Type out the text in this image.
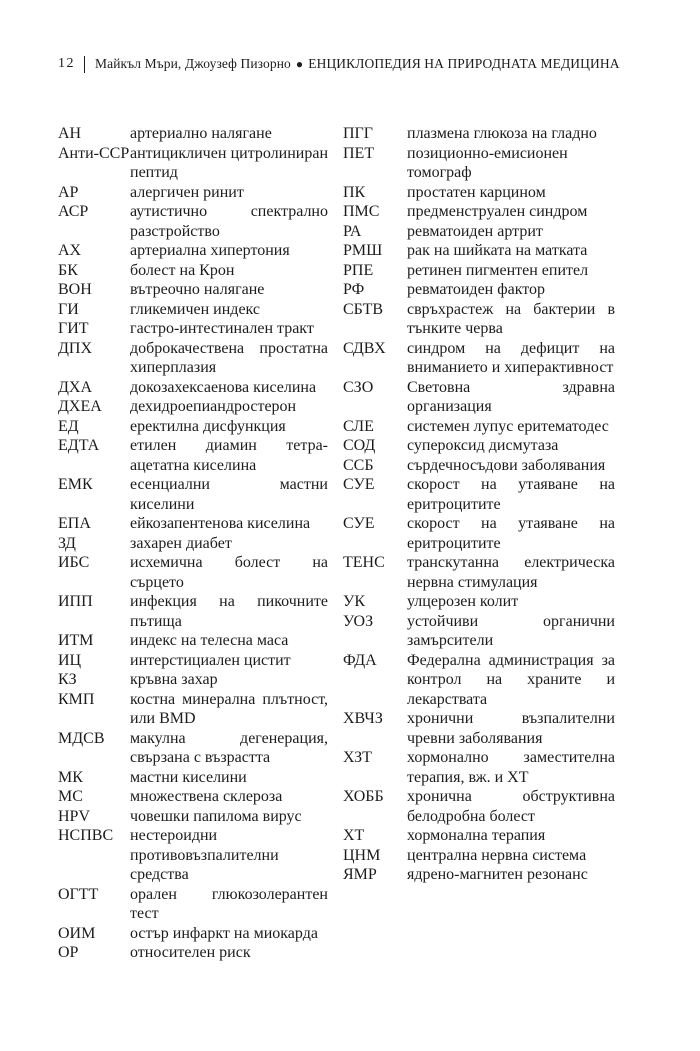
12 Майкъл Мъри, Джоузеф Пизорно ● ЕНЦИКЛОПЕДИЯ НА ПРИРОДНАТА МЕДИЦИНА
АН	артериално налягане
Анти-ССР антицикличен цитролиниран пептид
АР	алергичен ринит
АСР	аутистично спектрално разстройство
АХ	артериална хипертония
БК	болест на Крон
ВОН	вътреочно налягане
ГИ	гликемичен индекс
ГИТ	гастро-интестинален тракт
ДПХ	доброкачествена простатна хиперплазия
ДХА	докозахексаенова киселина
ДХЕА	дехидроепиандростерон
ЕД	еректилна дисфункция
ЕДТА	етилен диамин тетра-ацетатна киселина
ЕМК	есенциални мастни киселини
ЕПА	ейкозапентенова киселина
ЗД	захарен диабет
ИБС	исхемична болест на сърцето
ИПП	инфекция на пикочните пътища
ИТМ	индекс на телесна маса
ИЦ	интерстициален цистит
КЗ	кръвна захар
КМП	костна минерална плътност, или BMD
МДСВ	макулна дегенерация, свързана с възрастта
МК	мастни киселини
МС	множествена склероза
HPV	човешки папилома вирус
НСПВС	нестероидни противовъзпалителни средства
ОГТТ	орален глюкозолерантен тест
ОИМ	остър инфаркт на миокарда
ОР	относителен риск
ПГГ	плазмена глюкоза на гладно
ПЕТ	позиционно-емисионен томограф
ПК	простатен карцином
ПМС	предменструален синдром
РА	ревматоиден артрит
РМШ	рак на шийката на матката
РПЕ	ретинен пигментен епител
РФ	ревматоиден фактор
СБТВ	свръхрастеж на бактерии в тънките черва
СДВХ	синдром на дефицит на вниманието и хиперактивност
СЗО	Световна здравна организация
СЛЕ	системен лупус еритематодес
СОД	супероксид дисмутаза
ССБ	сърдечносъдови заболявания
СУЕ	скорост на утаяване на еритроцитите
СУЕ	скорост на утаяване на еритроцитите
ТЕНС	транскутанна електрическа нервна стимулация
УК	улцерозен колит
УОЗ	устойчиви органични замърсители
ФДА	Федерална администрация за контрол на храните и лекарствата
ХВЧЗ	хронични възпалителни чревни заболявания
ХЗТ	хормонално заместителна терапия, вж. и ХТ
ХОББ	хронична обструктивна белодробна болест
ХТ	хормонална терапия
ЦНМ	централна нервна система
ЯМР	ядрено-магнитен резонанс
